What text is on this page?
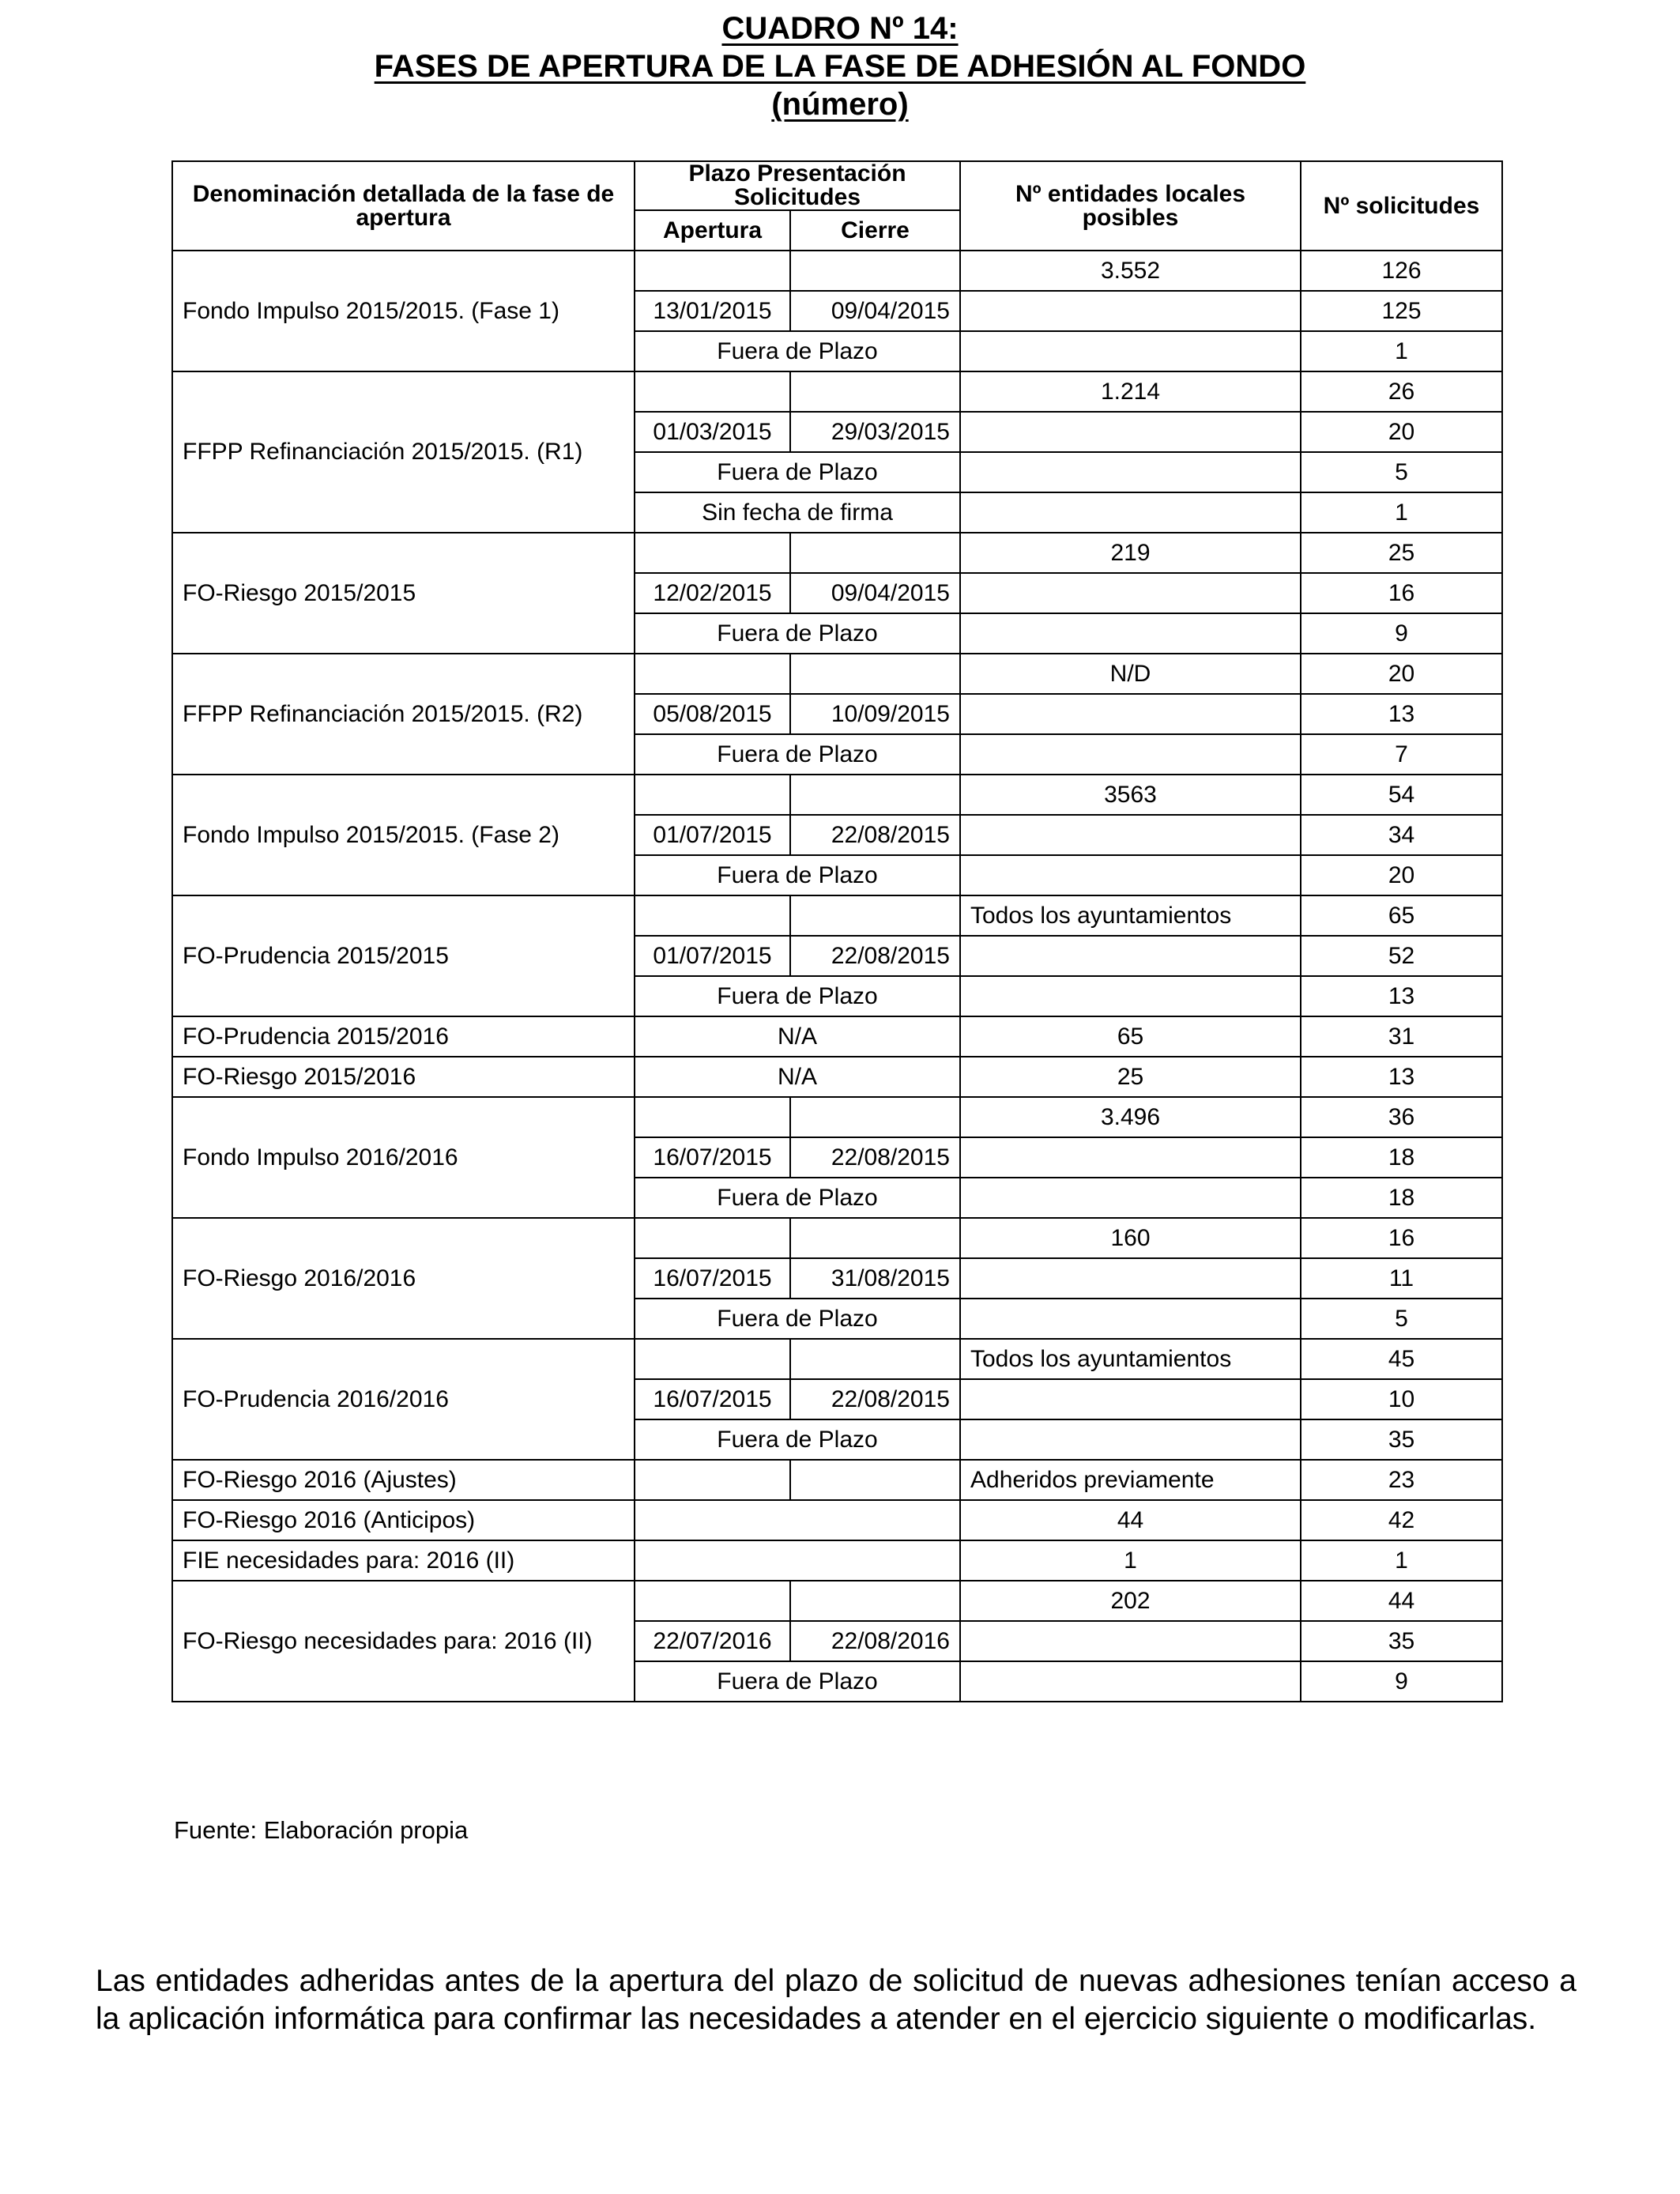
CUADRO Nº 14:
FASES DE APERTURA DE LA FASE DE ADHESIÓN AL FONDO
(número)
Denominación detallada de la fase de apertura	Plazo Presentación Solicitudes		Nº entidades locales posibles	Nº solicitudes
	Apertura	Cierre		
Fondo Impulso 2015/2015. (Fase 1)			3.552	126
	13/01/2015	09/04/2015		125
	Fuera de Plazo			1
FFPP Refinanciación 2015/2015. (R1)			1.214	26
	01/03/2015	29/03/2015		20
	Fuera de Plazo			5
	Sin fecha de firma			1
FO-Riesgo 2015/2015			219	25
	12/02/2015	09/04/2015		16
	Fuera de Plazo			9
FFPP Refinanciación 2015/2015. (R2)			N/D	20
	05/08/2015	10/09/2015		13
	Fuera de Plazo			7
Fondo Impulso 2015/2015. (Fase 2)			3563	54
	01/07/2015	22/08/2015		34
	Fuera de Plazo			20
FO-Prudencia 2015/2015			Todos los ayuntamientos	65
	01/07/2015	22/08/2015		52
	Fuera de Plazo			13
FO-Prudencia 2015/2016	N/A		65	31
FO-Riesgo 2015/2016	N/A		25	13
Fondo Impulso 2016/2016			3.496	36
	16/07/2015	22/08/2015		18
	Fuera de Plazo			18
FO-Riesgo 2016/2016			160	16
	16/07/2015	31/08/2015		11
	Fuera de Plazo			5
FO-Prudencia 2016/2016			Todos los ayuntamientos	45
	16/07/2015	22/08/2015		10
	Fuera de Plazo			35
FO-Riesgo 2016 (Ajustes)			Adheridos previamente	23
FO-Riesgo 2016 (Anticipos)			44	42
FIE necesidades para: 2016 (II)			1	1
FO-Riesgo necesidades para: 2016 (II)			202	44
	22/07/2016	22/08/2016		35
	Fuera de Plazo			9
Fuente: Elaboración propia
Las entidades adheridas antes de la apertura del plazo de solicitud de nuevas adhesiones tenían acceso a la aplicación informática para confirmar las necesidades a atender en el ejercicio siguiente o modificarlas.
